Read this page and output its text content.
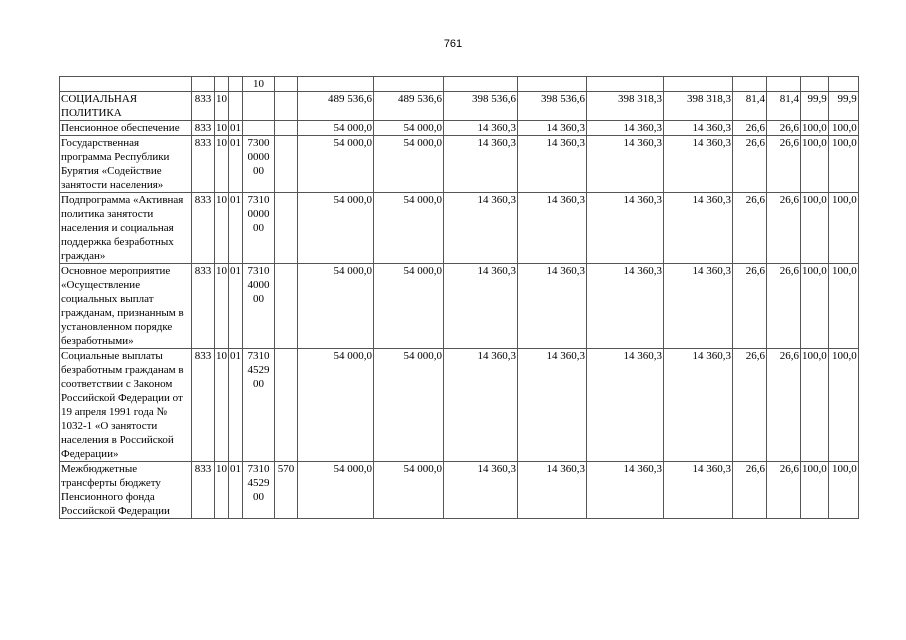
761
				10											
СОЦИАЛЬНАЯ ПОЛИТИКА	833	10				489 536,6	489 536,6	398 536,6	398 536,6	398 318,3	398 318,3	81,4	81,4	99,9	99,9
Пенсионное обеспечение	833	10	01			54 000,0	54 000,0	14 360,3	14 360,3	14 360,3	14 360,3	26,6	26,6	100,0	100,0
Государственная программа Республики Бурятия «Содействие занятости населения»	833	10	01	7300 0000 00		54 000,0	54 000,0	14 360,3	14 360,3	14 360,3	14 360,3	26,6	26,6	100,0	100,0
Подпрограмма «Активная политика занятости населения и социальная поддержка безработных граждан»	833	10	01	7310 0000 00		54 000,0	54 000,0	14 360,3	14 360,3	14 360,3	14 360,3	26,6	26,6	100,0	100,0
Основное мероприятие «Осуществление социальных выплат гражданам, признанным в установленном порядке безработными»	833	10	01	7310 4000 00		54 000,0	54 000,0	14 360,3	14 360,3	14 360,3	14 360,3	26,6	26,6	100,0	100,0
Социальные выплаты безработным гражданам в соответствии с Законом Российской Федерации от 19 апреля 1991 года № 1032-1 «О занятости населения в Российской Федерации»	833	10	01	7310 4529 00		54 000,0	54 000,0	14 360,3	14 360,3	14 360,3	14 360,3	26,6	26,6	100,0	100,0
Межбюджетные трансферты бюджету Пенсионного фонда Российской Федерации	833	10	01	7310 4529 00	570	54 000,0	54 000,0	14 360,3	14 360,3	14 360,3	14 360,3	26,6	26,6	100,0	100,0
